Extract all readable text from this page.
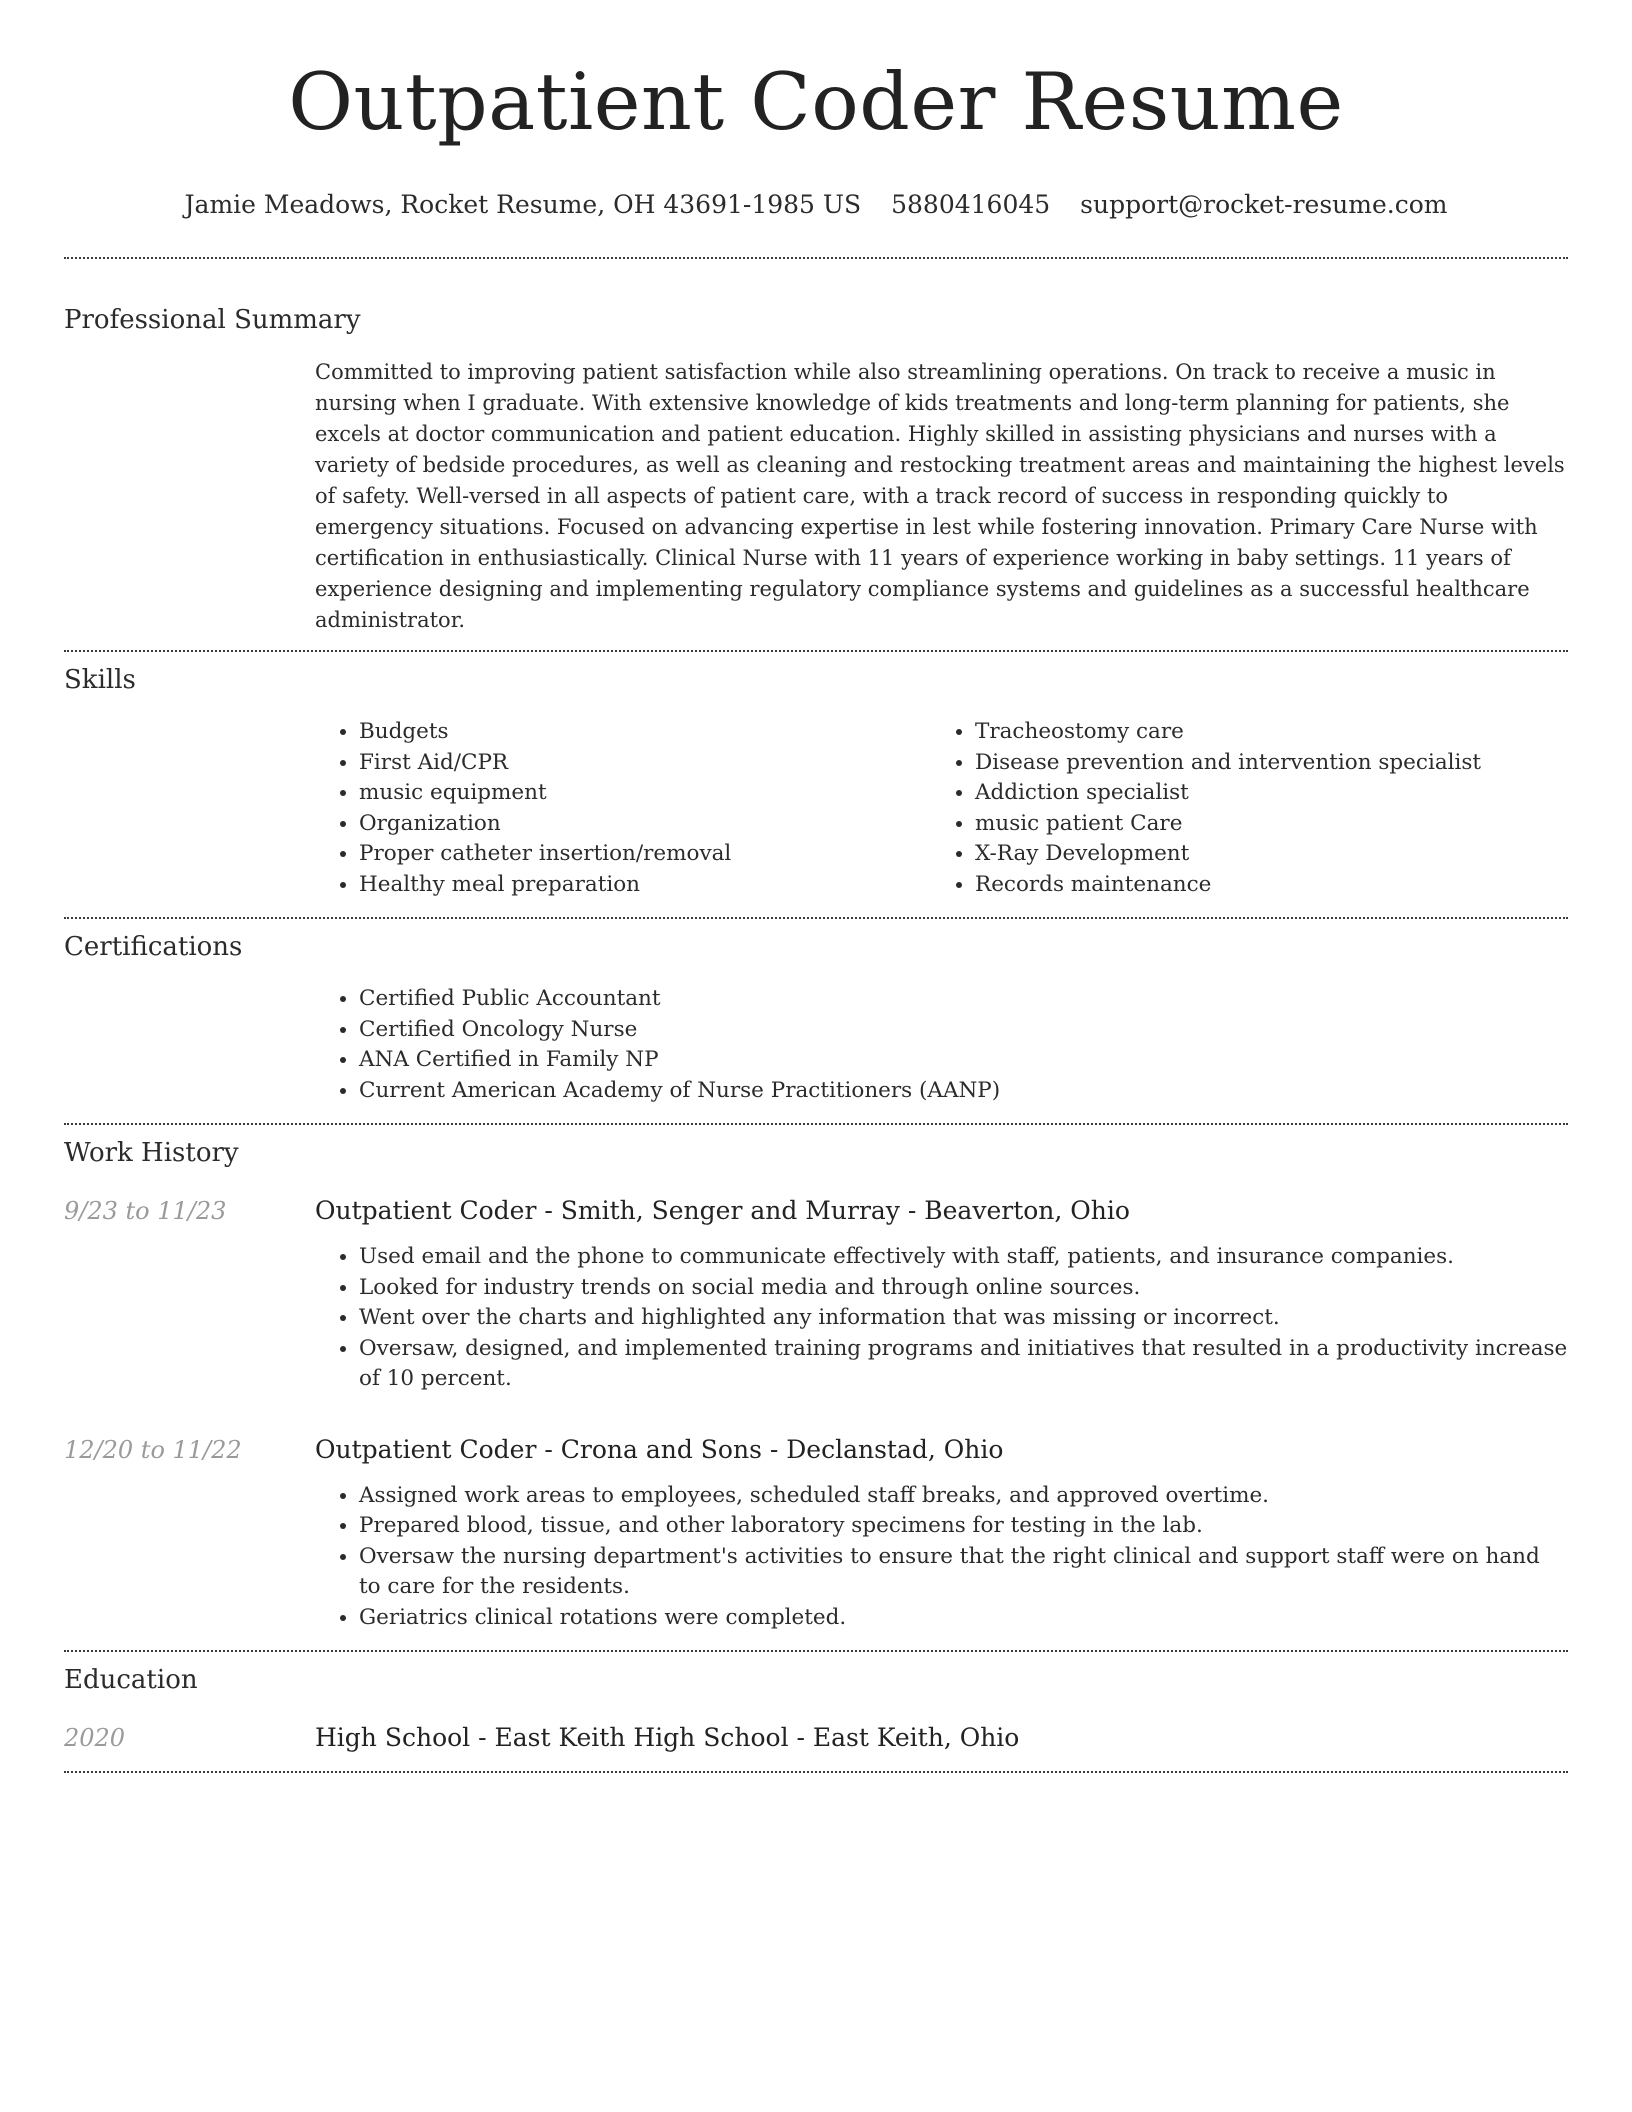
Outpatient Coder Resume
Jamie Meadows, Rocket Resume, OH 43691-1985 US 5880416045 support@rocket-resume.com
Professional Summary

Committed to improving patient satisfaction while also streamlining operations. On track to receive a music in nursing when I graduate. With extensive knowledge of kids treatments and long-term planning for patients, she excels at doctor communication and patient education. Highly skilled in assisting physicians and nurses with a variety of bedside procedures, as well as cleaning and restocking treatment areas and maintaining the highest levels of safety. Well-versed in all aspects of patient care, with a track record of success in responding quickly to emergency situations. Focused on advancing expertise in lest while fostering innovation. Primary Care Nurse with certification in enthusiastically. Clinical Nurse with 11 years of experience working in baby settings. 11 years of experience designing and implementing regulatory compliance systems and guidelines as a successful healthcare administrator.

Skills
• Budgets
• First Aid/CPR
• music equipment
• Organization
• Proper catheter insertion/removal
• Healthy meal preparation
• Tracheostomy care
• Disease prevention and intervention specialist
• Addiction specialist
• music patient Care
• X-Ray Development
• Records maintenance
Certifications
• Certified Public Accountant
• Certified Oncology Nurse
• ANA Certified in Family NP
• Current American Academy of Nurse Practitioners (AANP)
Work History
9/23 to 11/23	Outpatient Coder - Smith, Senger and Murray - Beaverton, Ohio

• Used email and the phone to communicate effectively with staff, patients, and insurance companies.
• Looked for industry trends on social media and through online sources.
• Went over the charts and highlighted any information that was missing or incorrect.
• Oversaw, designed, and implemented training programs and initiatives that resulted in a productivity increase of 10 percent.
12/20 to 11/22	Outpatient Coder - Crona and Sons - Declanstad, Ohio

• Assigned work areas to employees, scheduled staff breaks, and approved overtime.
• Prepared blood, tissue, and other laboratory specimens for testing in the lab.
• Oversaw the nursing department's activities to ensure that the right clinical and support staff were on hand to care for the residents.
• Geriatrics clinical rotations were completed.
Education
2020	High School - East Keith High School - East Keith, Ohio
